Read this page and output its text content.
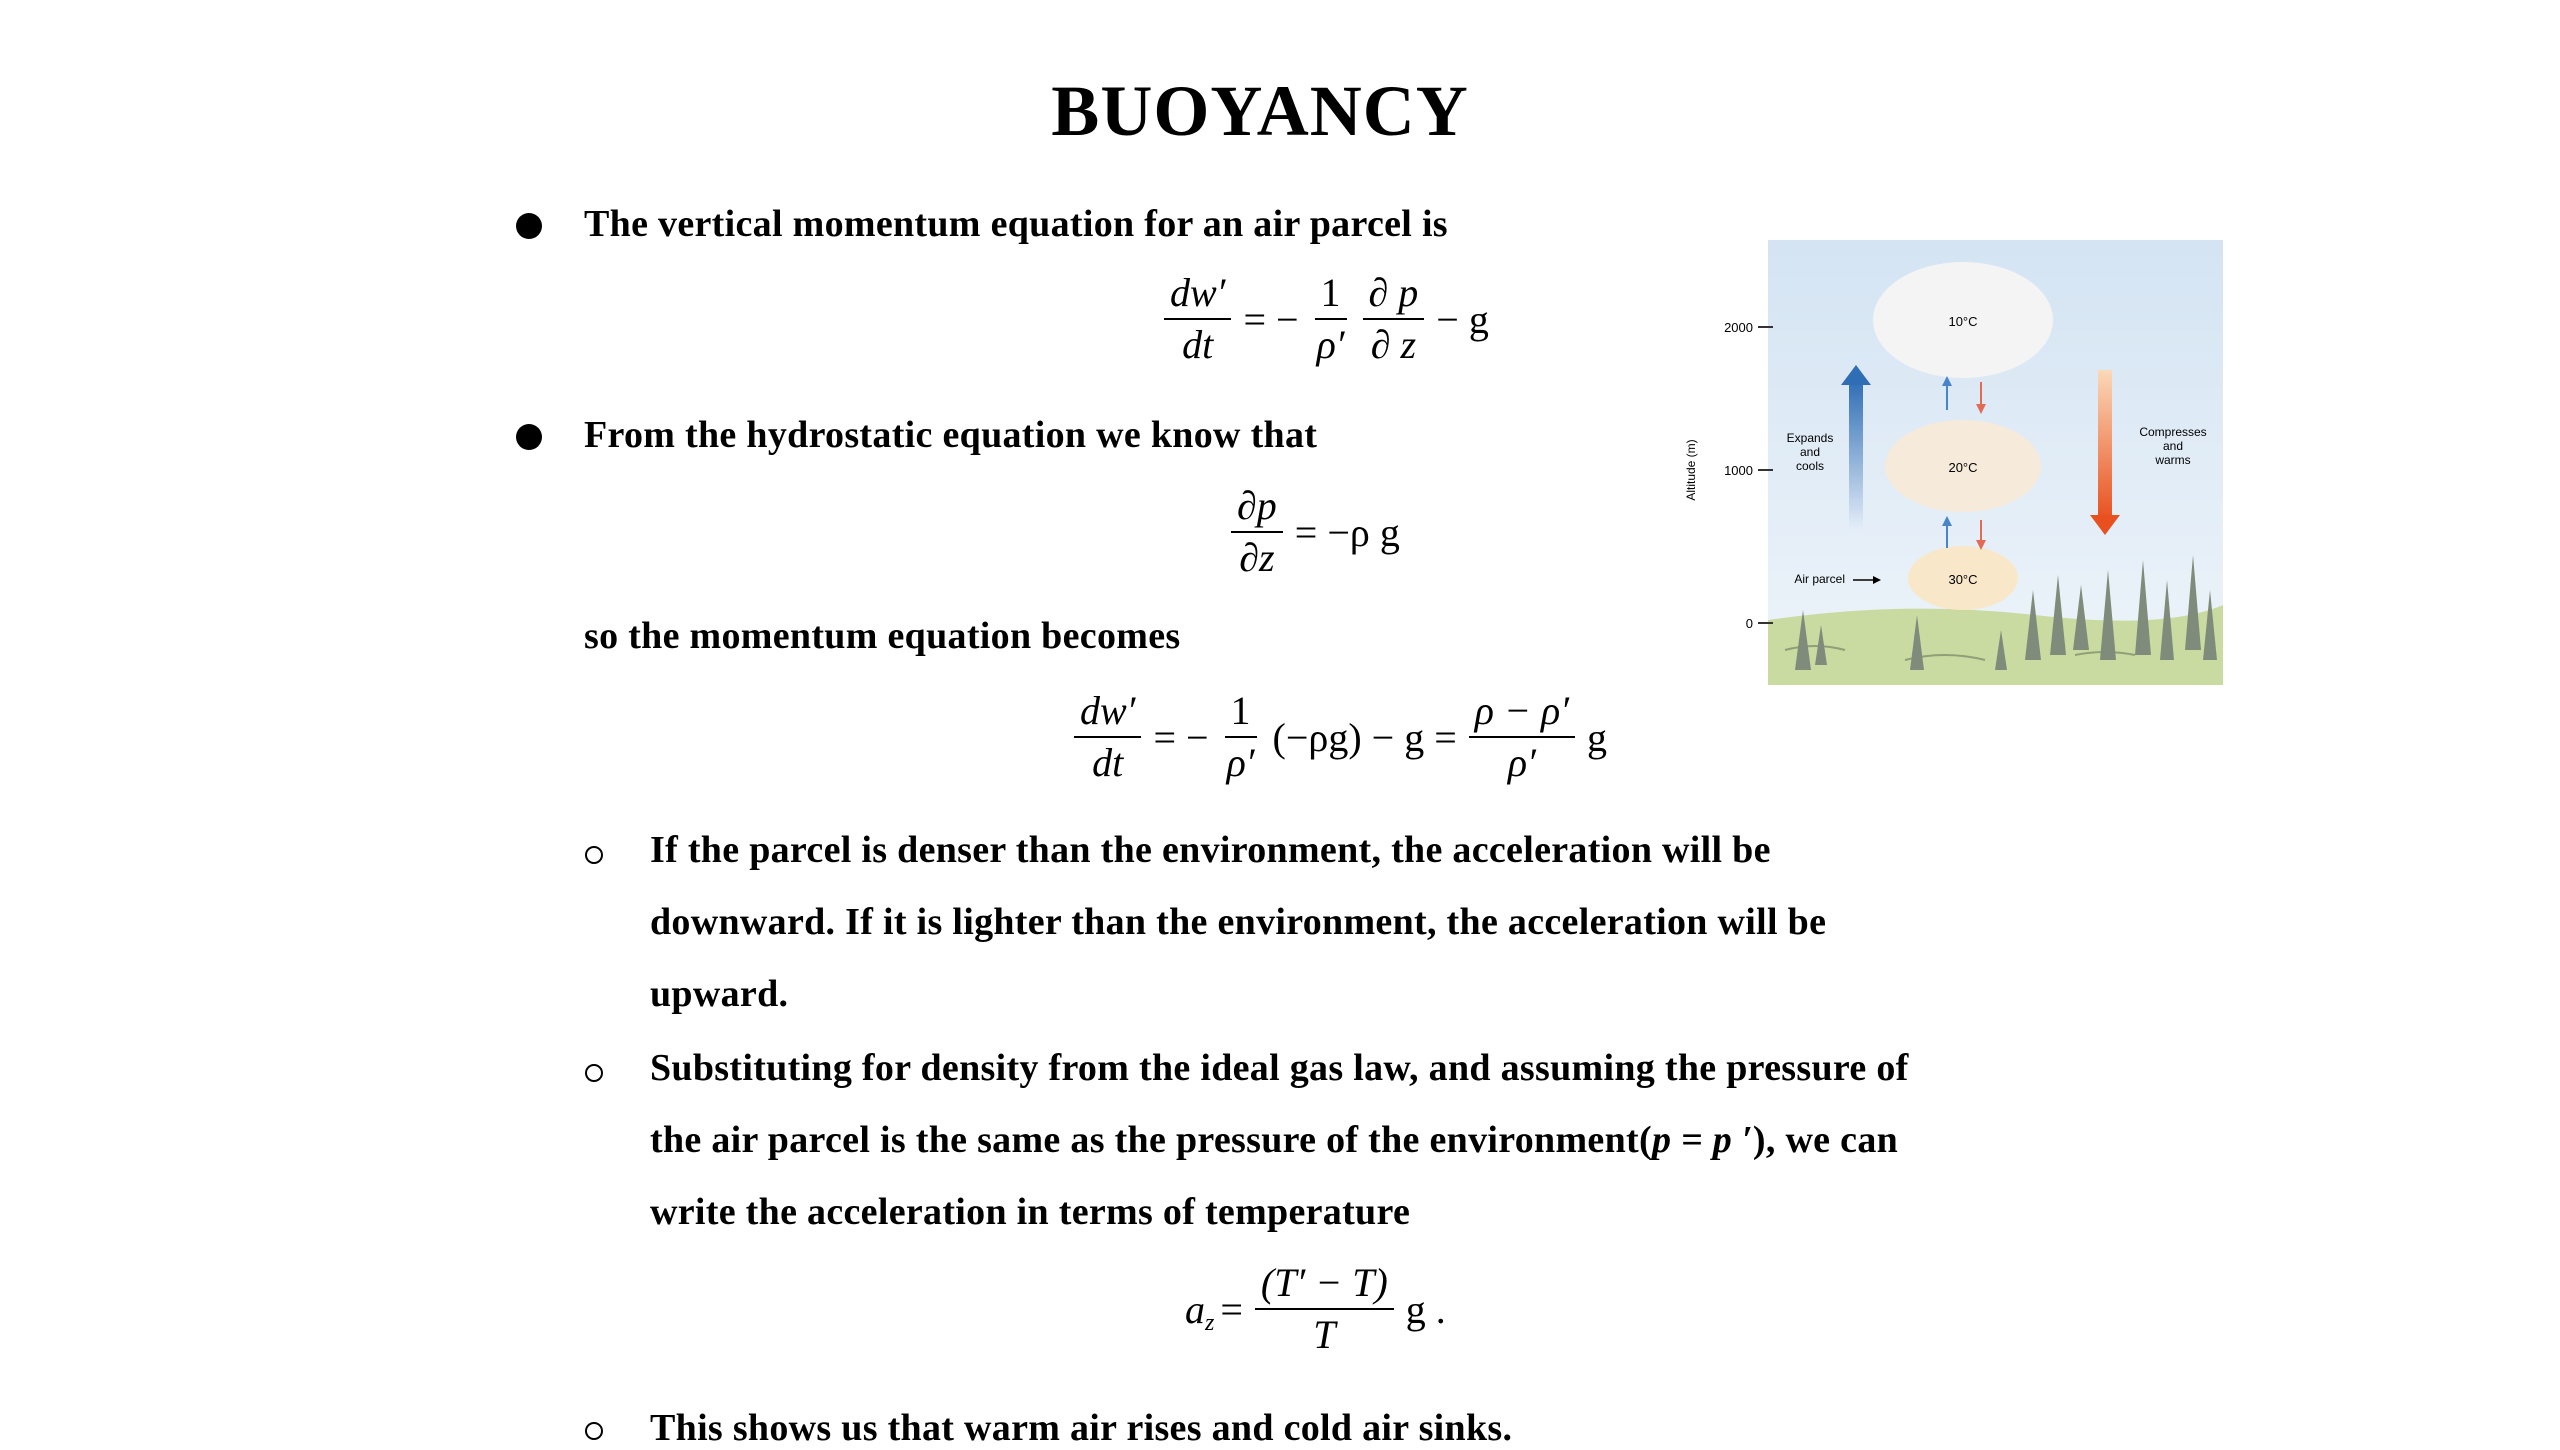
BUOYANCY
The vertical momentum equation for an air parcel is
$\frac{dw'}{dt}$ = − $\frac{1}{\rho'} \frac{\partial p}{\partial z} - g$
From the hydrostatic equation we know that
$\frac{\partial p}{\partial z} = -\rho$ g
so the momentum equation becomes
$\frac{dw'}{dt}$ = − $\frac{1}{\rho'} (-\rho g) - g = \frac{\rho - \rho'}{\rho'}$ g
If the parcel is denser than the environment, the acceleration will be
downward. If it is lighter than the environment, the acceleration will be
upward.
Substituting for density from the ideal gas law, and assuming the pressure of
the air parcel is the same as the pressure of the environment(p = p ′), we can
write the acceleration in terms of temperature
a $z = \frac{(T' - T)}{T}$ g .
This shows us that warm air rises and cold air sinks.
2000
1000
0
Altitude (m)
10°C
20°C
30°C
Expands and cools
Compresses and warms
Air parcel
